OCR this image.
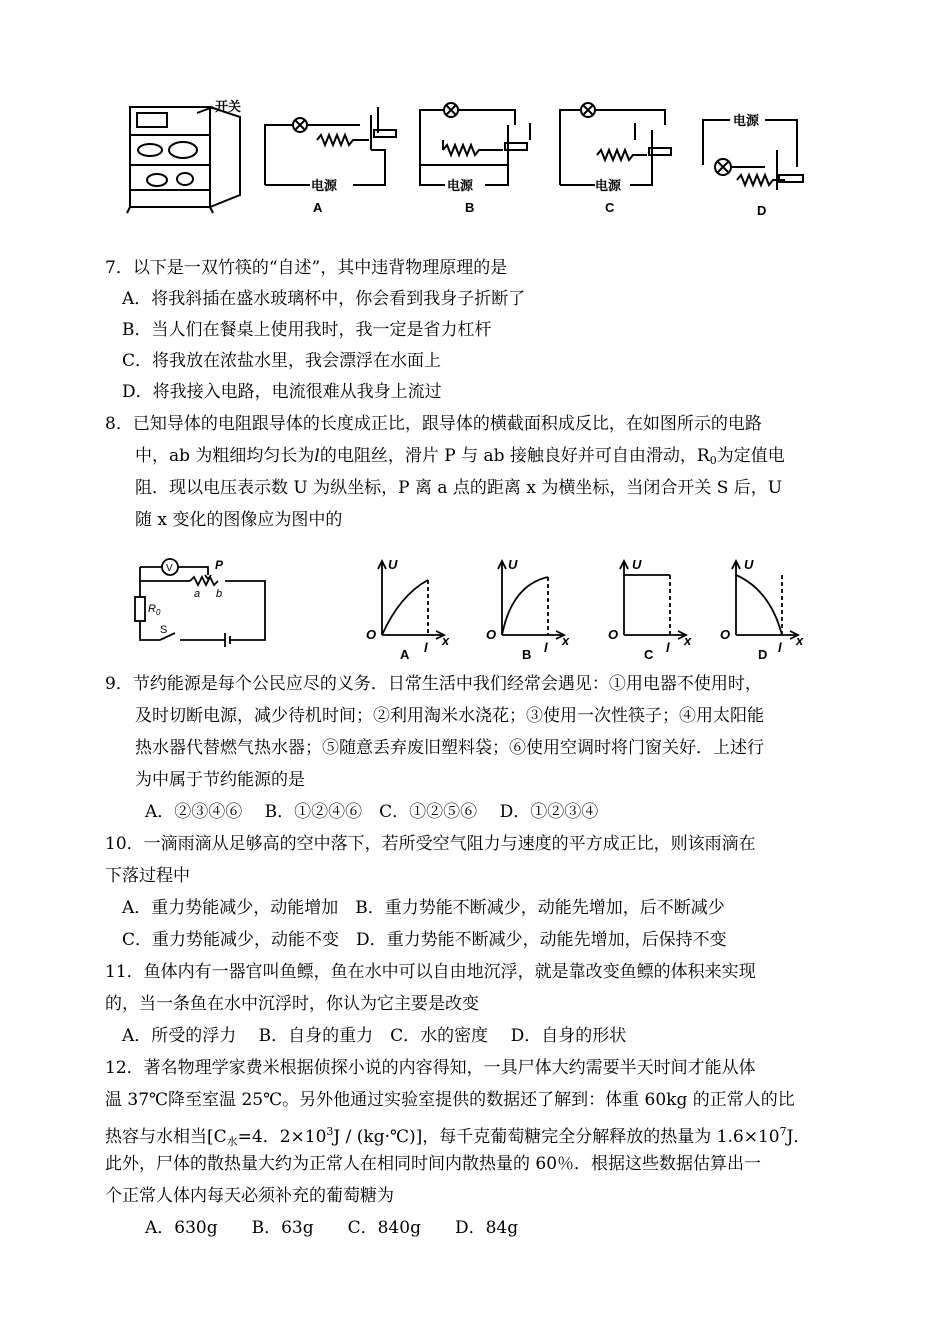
开关
电源
A
电源
B
电源
C
电源
D
7．以下是一双竹筷的“自述”，其中违背物理原理的是
A．将我斜插在盛水玻璃杯中，你会看到我身子折断了
B．当人们在餐桌上使用我时，我一定是省力杠杆
C．将我放在浓盐水里，我会漂浮在水面上
D．将我接入电路，电流很难从我身上流过
8．已知导体的电阻跟导体的长度成正比，跟导体的横截面积成反比，在如图所示的电路
中，ab 为粗细均匀长为l的电阻丝，滑片 P 与 ab 接触良好并可自由滑动，$R_0$为定值电
阻．现以电压表示数 U 为纵坐标，P 离 a 点的距离 x 为横坐标，当闭合开关 S 后，U
随 x 变化的图像应为图中的
V	P
a b
$R_0$
S
U
O
l x
U
O
l x
U
O
l x
U
O
l x
A	B	C	D
9．节约能源是每个公民应尽的义务．日常生活中我们经常会遇见：①用电器不使用时，
及时切断电源，减少待机时间；②利用淘米水浇花；③使用一次性筷子；④用太阳能
热水器代替燃气热水器；⑤随意丢弃废旧塑料袋；⑥使用空调时将门窗关好．上述行
为中属于节约能源的是
A．②③④⑥　 B．①②④⑥　C．①②⑤⑥　 D．①②③④
10．一滴雨滴从足够高的空中落下，若所受空气阻力与速度的平方成正比，则该雨滴在
下落过程中
A．重力势能减少，动能增加　B．重力势能不断减少，动能先增加，后不断减少
C．重力势能减少，动能不变　D．重力势能不断减少，动能先增加，后保持不变
11．鱼体内有一器官叫鱼鳔，鱼在水中可以自由地沉浮，就是靠改变鱼鳔的体积来实现
的，当一条鱼在水中沉浮时，你认为它主要是改变
A．所受的浮力　 B．自身的重力　C．水的密度　 D．自身的形状
12．著名物理学家费米根据侦探小说的内容得知，一具尸体大约需要半天时间才能从体
温 37℃降至室温 25℃。另外他通过实验室提供的数据还了解到：体重 60kg 的正常人的比
热容与水相当[$C_水=4$．$2\times 10^3J$ / (kg·℃)]，每千克葡萄糖完全分解释放的热量为 $1.6\times 10^7J$．
此外，尸体的散热量大约为正常人在相同时间内散热量的 60％．根据这些数据估算出一
个正常人体内每天必须补充的葡萄糖为
A．630g　　B．63g　　C．840g　　D．84g
